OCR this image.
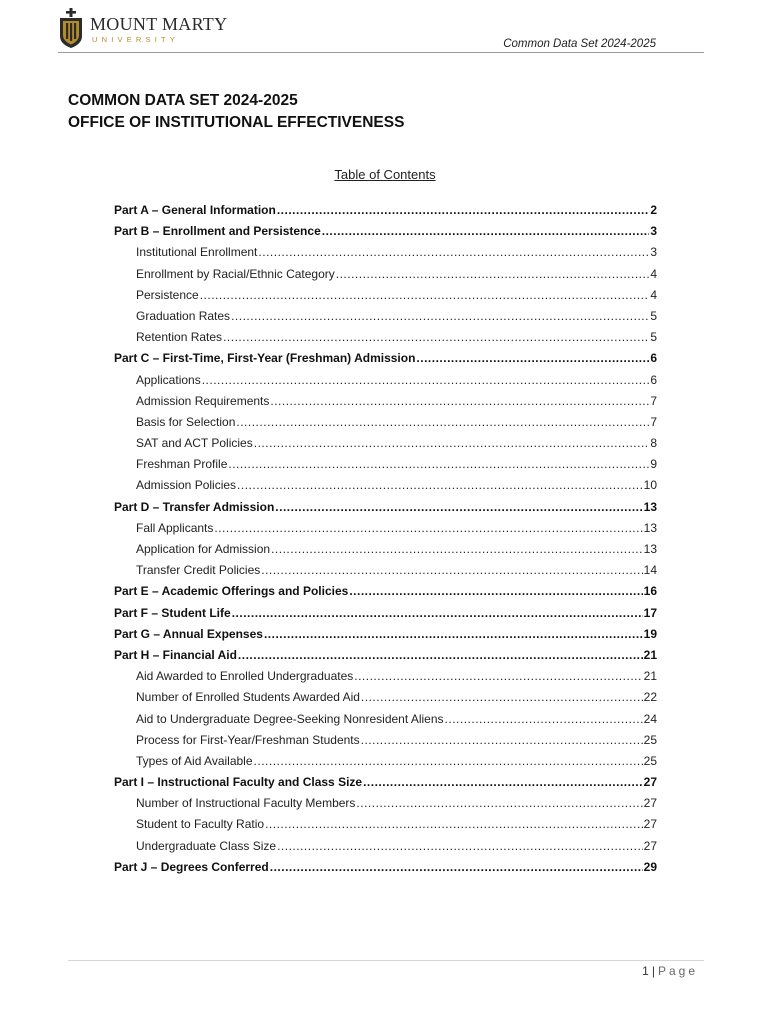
MOUNT MARTY
UNIVERSITY	Common Data Set 2024-2025
COMMON DATA SET 2024-2025
OFFICE OF INSTITUTIONAL EFFECTIVENESS
Table of Contents
Part A – General Information .....	2
Part B – Enrollment and Persistence .....	3
Institutional Enrollment .....	3
Enrollment by Racial/Ethnic Category .....	4
Persistence .....	4
Graduation Rates .....	5
Retention Rates .....	5
Part C – First-Time, First-Year (Freshman) Admission .....	6
Applications .....	6
Admission Requirements .....	7
Basis for Selection .....	7
SAT and ACT Policies .....	8
Freshman Profile .....	9
Admission Policies .....	10
Part D – Transfer Admission .....	13
Fall Applicants .....	13
Application for Admission .....	13
Transfer Credit Policies .....	14
Part E – Academic Offerings and Policies .....	16
Part F – Student Life .....	17
Part G – Annual Expenses .....	19
Part H – Financial Aid .....	21
Aid Awarded to Enrolled Undergraduates .....	21
Number of Enrolled Students Awarded Aid .....	22
Aid to Undergraduate Degree-Seeking Nonresident Aliens .....	24
Process for First-Year/Freshman Students .....	25
Types of Aid Available .....	25
Part I – Instructional Faculty and Class Size .....	27
Number of Instructional Faculty Members .....	27
Student to Faculty Ratio .....	27
Undergraduate Class Size .....	27
Part J – Degrees Conferred .....	29
1 | Page
